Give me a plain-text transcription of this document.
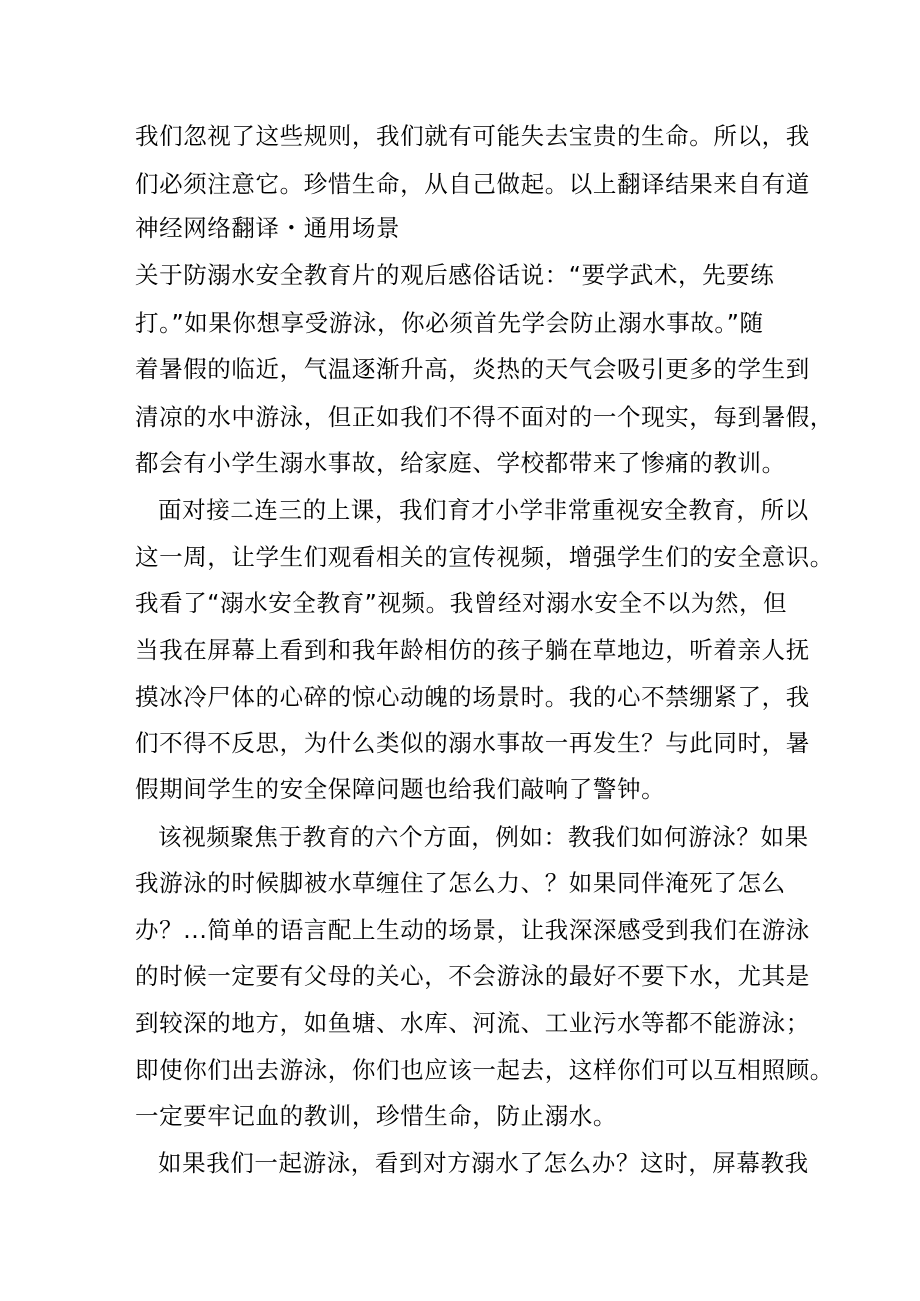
我们忽视了这些规则，我们就有可能失去宝贵的生命。所以，我
们必须注意它。珍惜生命，从自己做起。以上翻译结果来自有道
神经网络翻译・通用场景
关于防溺水安全教育片的观后感俗话说：“要学武术，先要练
打。”如果你想享受游泳，你必须首先学会防止溺水事故。”随
着暑假的临近，气温逐渐升高，炎热的天气会吸引更多的学生到
清凉的水中游泳，但正如我们不得不面对的一个现实，每到暑假，
都会有小学生溺水事故，给家庭、学校都带来了惨痛的教训。
面对接二连三的上课，我们育才小学非常重视安全教育，所以
这一周，让学生们观看相关的宣传视频，增强学生们的安全意识。
我看了“溺水安全教育”视频。我曾经对溺水安全不以为然，但
当我在屏幕上看到和我年龄相仿的孩子躺在草地边，听着亲人抚
摸冰冷尸体的心碎的惊心动魄的场景时。我的心不禁绷紧了，我
们不得不反思，为什么类似的溺水事故一再发生？与此同时，暑
假期间学生的安全保障问题也给我们敲响了警钟。
该视频聚焦于教育的六个方面，例如：教我们如何游泳？如果
我游泳的时候脚被水草缠住了怎么力、？如果同伴淹死了怎么
办？...简单的语言配上生动的场景，让我深深感受到我们在游泳
的时候一定要有父母的关心，不会游泳的最好不要下水，尤其是
到较深的地方，如鱼塘、水库、河流、工业污水等都不能游泳；
即使你们出去游泳，你们也应该一起去，这样你们可以互相照顾。
一定要牢记血的教训，珍惜生命，防止溺水。
如果我们一起游泳，看到对方溺水了怎么办？这时，屏幕教我
